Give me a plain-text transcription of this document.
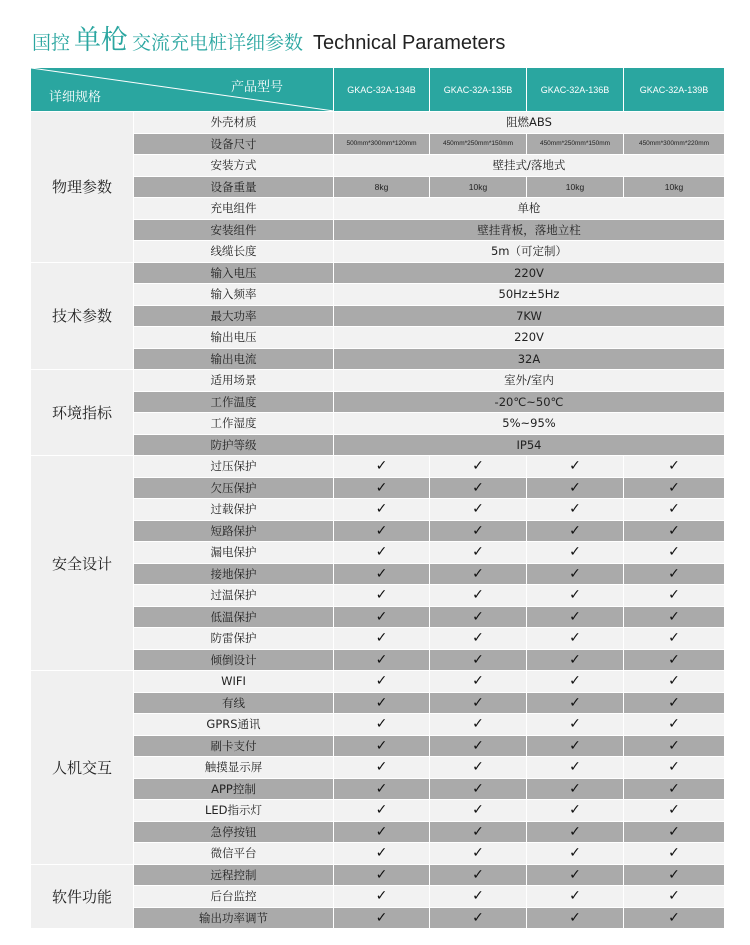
国控 单枪 交流充电桩详细参数 Technical Parameters
产品型号
详细规格		GKAC-32A-134B	GKAC-32A-135B	GKAC-32A-136B	GKAC-32A-139B
物理参数	外壳材质	阻燃ABS			
	设备尺寸	500mm*300mm*120mm	450mm*250mm*150mm	450mm*250mm*150mm	450mm*300mm*220mm
	安装方式	壁挂式/落地式			
	设备重量	8kg	10kg	10kg	10kg
	充电组件	单枪			
	安装组件	壁挂背板，落地立柱			
	线缆长度	5m（可定制）			
技术参数	输入电压	220V			
	输入频率	50Hz±5Hz			
	最大功率	7KW			
	输出电压	220V			
	输出电流	32A			
环境指标	适用场景	室外/室内			
	工作温度	-20℃~50℃			
	工作湿度	5%~95%			
	防护等级	IP54			
安全设计	过压保护	✓	✓	✓	✓
	欠压保护	✓	✓	✓	✓
	过载保护	✓	✓	✓	✓
	短路保护	✓	✓	✓	✓
	漏电保护	✓	✓	✓	✓
	接地保护	✓	✓	✓	✓
	过温保护	✓	✓	✓	✓
	低温保护	✓	✓	✓	✓
	防雷保护	✓	✓	✓	✓
	倾倒设计	✓	✓	✓	✓
人机交互	WIFI	✓	✓	✓	✓
	有线	✓	✓	✓	✓
	GPRS通讯	✓	✓	✓	✓
	刷卡支付	✓	✓	✓	✓
	触摸显示屏	✓	✓	✓	✓
	APP控制	✓	✓	✓	✓
	LED指示灯	✓	✓	✓	✓
	急停按钮	✓	✓	✓	✓
	微信平台	✓	✓	✓	✓
软件功能	远程控制	✓	✓	✓	✓
	后台监控	✓	✓	✓	✓
	输出功率调节	✓	✓	✓	✓
